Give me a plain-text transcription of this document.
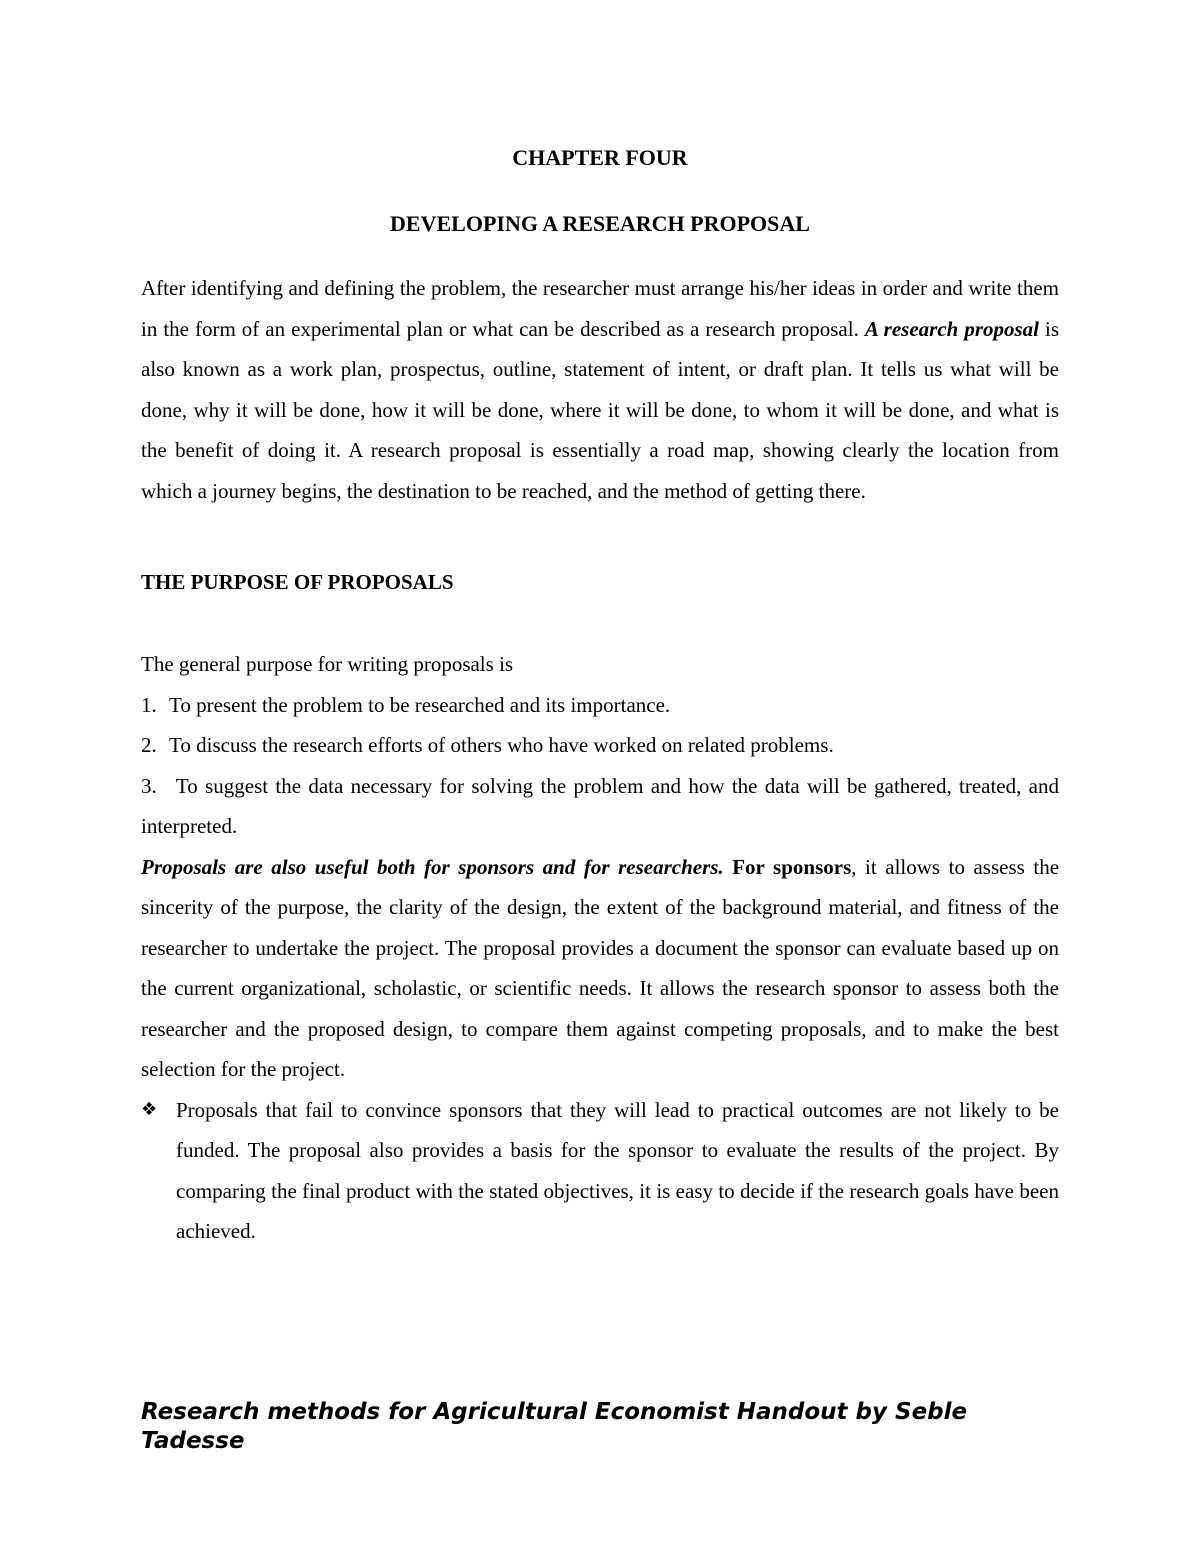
CHAPTER FOUR
DEVELOPING A RESEARCH PROPOSAL

After identifying and defining the problem, the researcher must arrange his/her ideas in order and write them in the form of an experimental plan or what can be described as a research proposal. A research proposal is also known as a work plan, prospectus, outline, statement of intent, or draft plan. It tells us what will be done, why it will be done, how it will be done, where it will be done, to whom it will be done, and what is the benefit of doing it. A research proposal is essentially a road map, showing clearly the location from which a journey begins, the destination to be reached, and the method of getting there.

THE PURPOSE OF PROPOSALS

The general purpose for writing proposals is

1. To present the problem to be researched and its importance.

2. To discuss the research efforts of others who have worked on related problems.

3. To suggest the data necessary for solving the problem and how the data will be gathered, treated, and interpreted.

Proposals are also useful both for sponsors and for researchers. For sponsors, it allows to assess the sincerity of the purpose, the clarity of the design, the extent of the background material, and fitness of the researcher to undertake the project. The proposal provides a document the sponsor can evaluate based up on the current organizational, scholastic, or scientific needs. It allows the research sponsor to assess both the researcher and the proposed design, to compare them against competing proposals, and to make the best selection for the project.

❖ Proposals that fail to convince sponsors that they will lead to practical outcomes are not likely to be funded. The proposal also provides a basis for the sponsor to evaluate the results of the project. By comparing the final product with the stated objectives, it is easy to decide if the research goals have been achieved.
Research methods for Agricultural Economist Handout by Seble Tadesse
